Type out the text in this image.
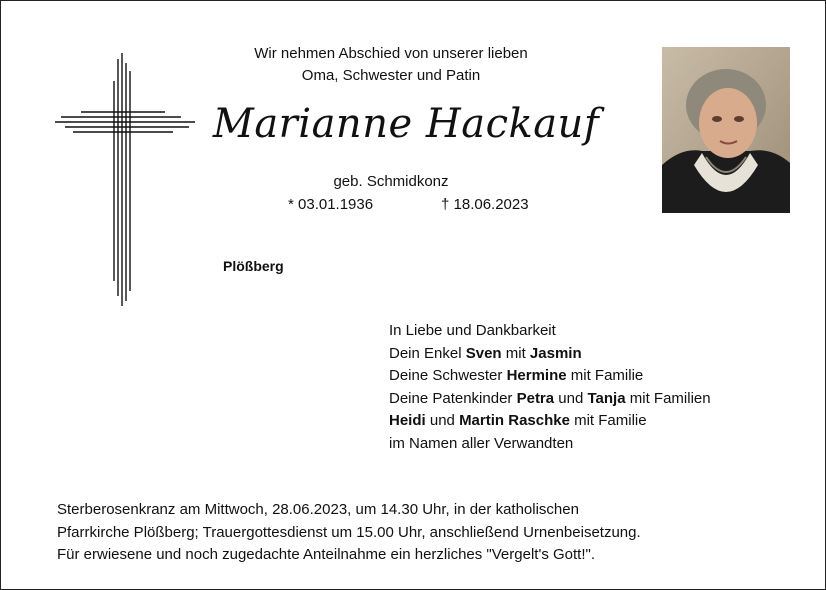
Wir nehmen Abschied von unserer lieben
Oma, Schwester und Patin
Marianne Hackauf
geb. Schmidkonz
* 03.01.1936	† 18.06.2023
Plößberg
In Liebe und Dankbarkeit
Dein Enkel Sven mit Jasmin
Deine Schwester Hermine mit Familie
Deine Patenkinder Petra und Tanja mit Familien
Heidi und Martin Raschke mit Familie
im Namen aller Verwandten
Sterberosenkranz am Mittwoch, 28.06.2023, um 14.30 Uhr, in der katholischen
Pfarrkirche Plößberg; Trauergottesdienst um 15.00 Uhr, anschließend Urnenbeisetzung.
Für erwiesene und noch zugedachte Anteilnahme ein herzliches "Vergelt's Gott!".
